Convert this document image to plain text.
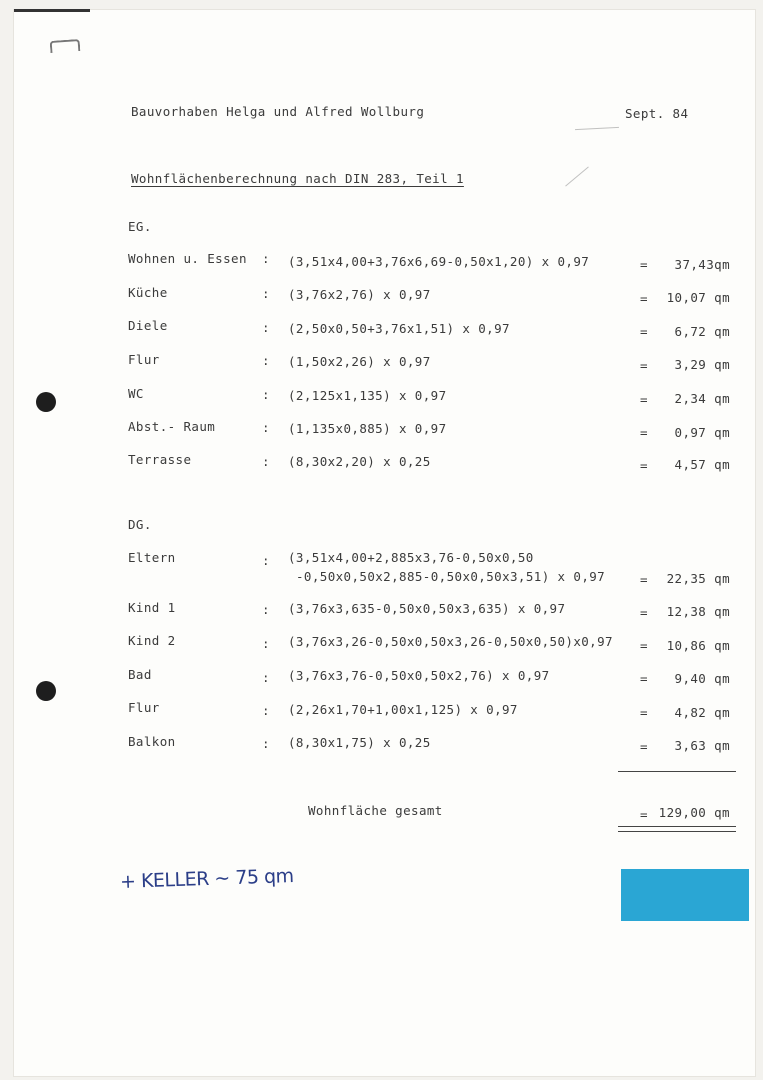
Bauvorhaben Helga und Alfred Wollburg	Sept. 84
Wohnflächenberechnung nach DIN 283, Teil 1
EG.
Wohnen u. Essen : (3,51x4,00+3,76x6,69-0,50x1,20) x 0,97	=	37,43qm
Küche	: (3,76x2,76) x 0,97	=	10,07 qm
Diele	: (2,50x0,50+3,76x1,51) x 0,97	=	6,72 qm
Flur	: (1,50x2,26) x 0,97	=	3,29 qm
WC	: (2,125x1,135) x 0,97	=	2,34 qm
Abst.- Raum	: (1,135x0,885) x 0,97	=	0,97 qm
Terrasse	: (8,30x2,20) x 0,25	=	4,57 qm
DG.
Eltern	: (3,51x4,00+2,885x3,76-0,50x0,50
-0,50x0,50x2,885-0,50x0,50x3,51) x 0,97	=	22,35 qm
Kind 1	: (3,76x3,635-0,50x0,50x3,635) x 0,97	=	12,38 qm
Kind 2	: (3,76x3,26-0,50x0,50x3,26-0,50x0,50)x0,97 =	10,86 qm
Bad	: (3,76x3,76-0,50x0,50x2,76) x 0,97	=	9,40 qm
Flur	: (2,26x1,70+1,00x1,125) x 0,97	=	4,82 qm
Balkon	: (8,30x1,75) x 0,25	=	3,63 qm
Wohnfläche gesamt	= 129,00 qm
+ KELLER ~ 75 qm
